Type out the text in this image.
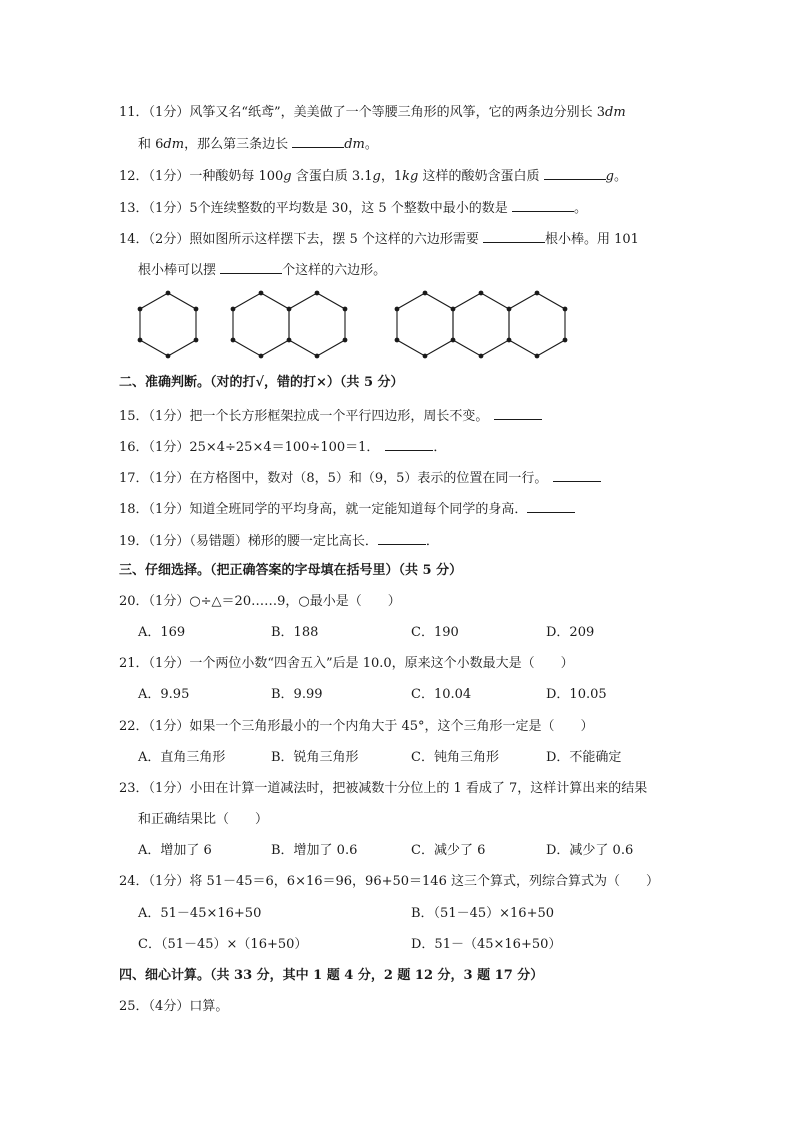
11．（1分）风筝又名“纸鸢”，美美做了一个等腰三角形的风筝，它的两条边分别长 3dm
和 6dm，那么第三条边长	dm。
12．（1分）一种酸奶每 100g 含蛋白质 3.1g，1kg 这样的酸奶含蛋白质	g。
13．（1分）5个连续整数的平均数是 30，这 5 个整数中最小的数是	。
14．（2分）照如图所示这样摆下去，摆 5 个这样的六边形需要	根小棒。用 101
根小棒可以摆	个这样的六边形。
二、准确判断。（对的打√，错的打×）（共 5 分）
15．（1分）把一个长方形框架拉成一个平行四边形，周长不变。
16．（1分）25×4÷25×4＝100÷100＝1．	．
17．（1分）在方格图中，数对（8，5）和（9，5）表示的位置在同一行。
18．（1分）知道全班同学的平均身高，就一定能知道每个同学的身高．
19．（1分）（易错题）梯形的腰一定比高长．	．
三、仔细选择。（把正确答案的字母填在括号里）（共 5 分）
20．（1分）○÷△＝20……9，○最小是（　　）
A．169	B．188	C．190	D．209
21．（1分）一个两位小数“四舍五入”后是 10.0，原来这个小数最大是（　　）
A．9.95	B．9.99	C．10.04	D．10.05
22．（1分）如果一个三角形最小的一个内角大于 45°，这个三角形一定是（　　）
A．直角三角形	B．锐角三角形	C．钝角三角形	D．不能确定
23．（1分）小田在计算一道减法时，把被减数十分位上的 1 看成了 7，这样计算出来的结果
和正确结果比（　　）
A．增加了 6	B．增加了 0.6	C．减少了 6	D．减少了 0.6
24．（1分）将 51－45＝6，6×16＝96，96+50＝146 这三个算式，列综合算式为（　　）
A．51－45×16+50	B．（51－45）×16+50
C．（51－45）×（16+50）	D．51－（45×16+50）
四、细心计算。（共 33 分，其中 1 题 4 分，2 题 12 分，3 题 17 分）
25．（4分）口算。
